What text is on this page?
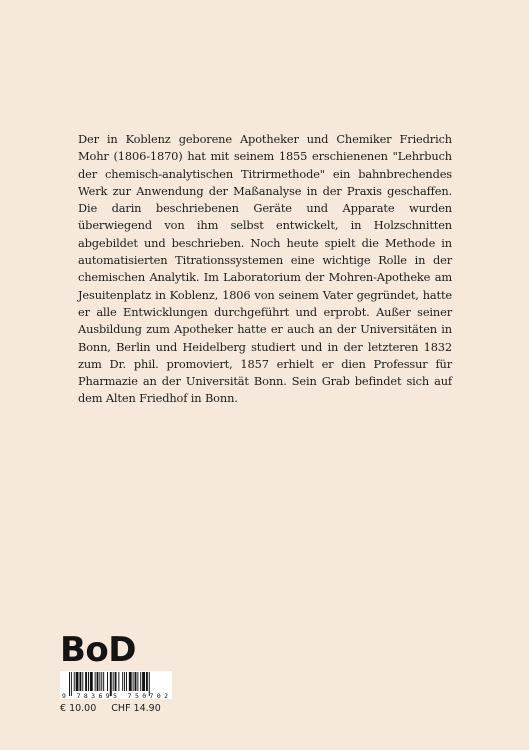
Der in Koblenz geborene Apotheker und Chemiker Friedrich Mohr (1806-1870) hat mit seinem 1855 erschienenen "Lehrbuch der chemisch-analytischen Titrirmethode" ein bahnbrechendes Werk zur Anwendung der Maßanalyse in der Praxis geschaffen. Die darin beschriebenen Geräte und Apparate wurden überwiegend von ihm selbst entwickelt, in Holzschnitten abgebildet und beschrieben. Noch heute spielt die Methode in automatisierten Titrationssystemen eine wichtige Rolle in der chemischen Analytik. Im Laboratorium der Mohren-Apotheke am Jesuitenplatz in Koblenz, 1806 von seinem Vater gegründet, hatte er alle Entwicklungen durchgeführt und erprobt. Außer seiner Ausbildung zum Apotheker hatte er auch an der Universitäten in Bonn, Berlin und Heidelberg studiert und in der letzteren 1832 zum Dr. phil. promoviert, 1857 erhielt er dien Professur für Pharmazie an der Universität Bonn. Sein Grab befindet sich auf dem Alten Friedhof in Bonn.

BoD
9 783695 750702
€ 10.00 CHF 14.90
